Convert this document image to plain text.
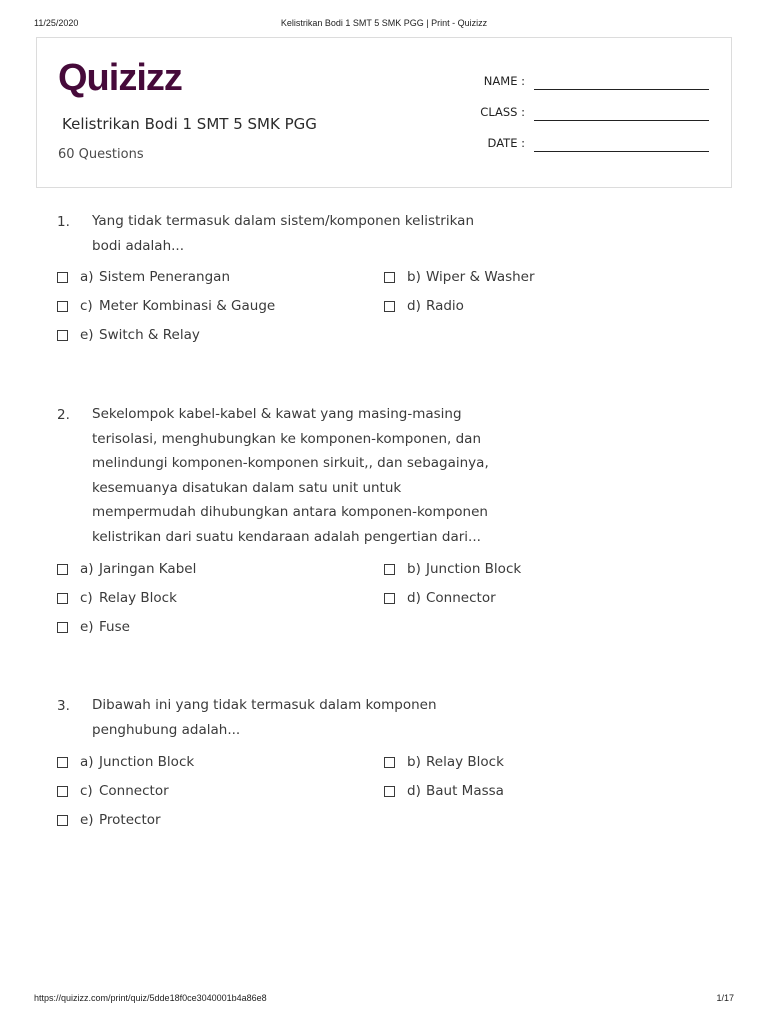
11/25/2020	Kelistrikan Bodi 1 SMT 5 SMK PGG | Print - Quizizz
Quizizz
Kelistrikan Bodi 1 SMT 5 SMK PGG
60 Questions
NAME :
CLASS :
DATE :
1. Yang tidak termasuk dalam sistem/komponen kelistrikan bodi adalah...
a) Sistem Penerangan	b) Wiper & Washer
c) Meter Kombinasi & Gauge	d) Radio
e) Switch & Relay
2. Sekelompok kabel-kabel & kawat yang masing-masing terisolasi, menghubungkan ke komponen-komponen, dan melindungi komponen-komponen sirkuit,, dan sebagainya, kesemuanya disatukan dalam satu unit untuk mempermudah dihubungkan antara komponen-komponen kelistrikan dari suatu kendaraan adalah pengertian dari...
a) Jaringan Kabel	b) Junction Block
c) Relay Block	d) Connector
e) Fuse
3. Dibawah ini yang tidak termasuk dalam komponen penghubung adalah...
a) Junction Block	b) Relay Block
c) Connector	d) Baut Massa
e) Protector
https://quizizz.com/print/quiz/5dde18f0ce3040001b4a86e8	1/17
